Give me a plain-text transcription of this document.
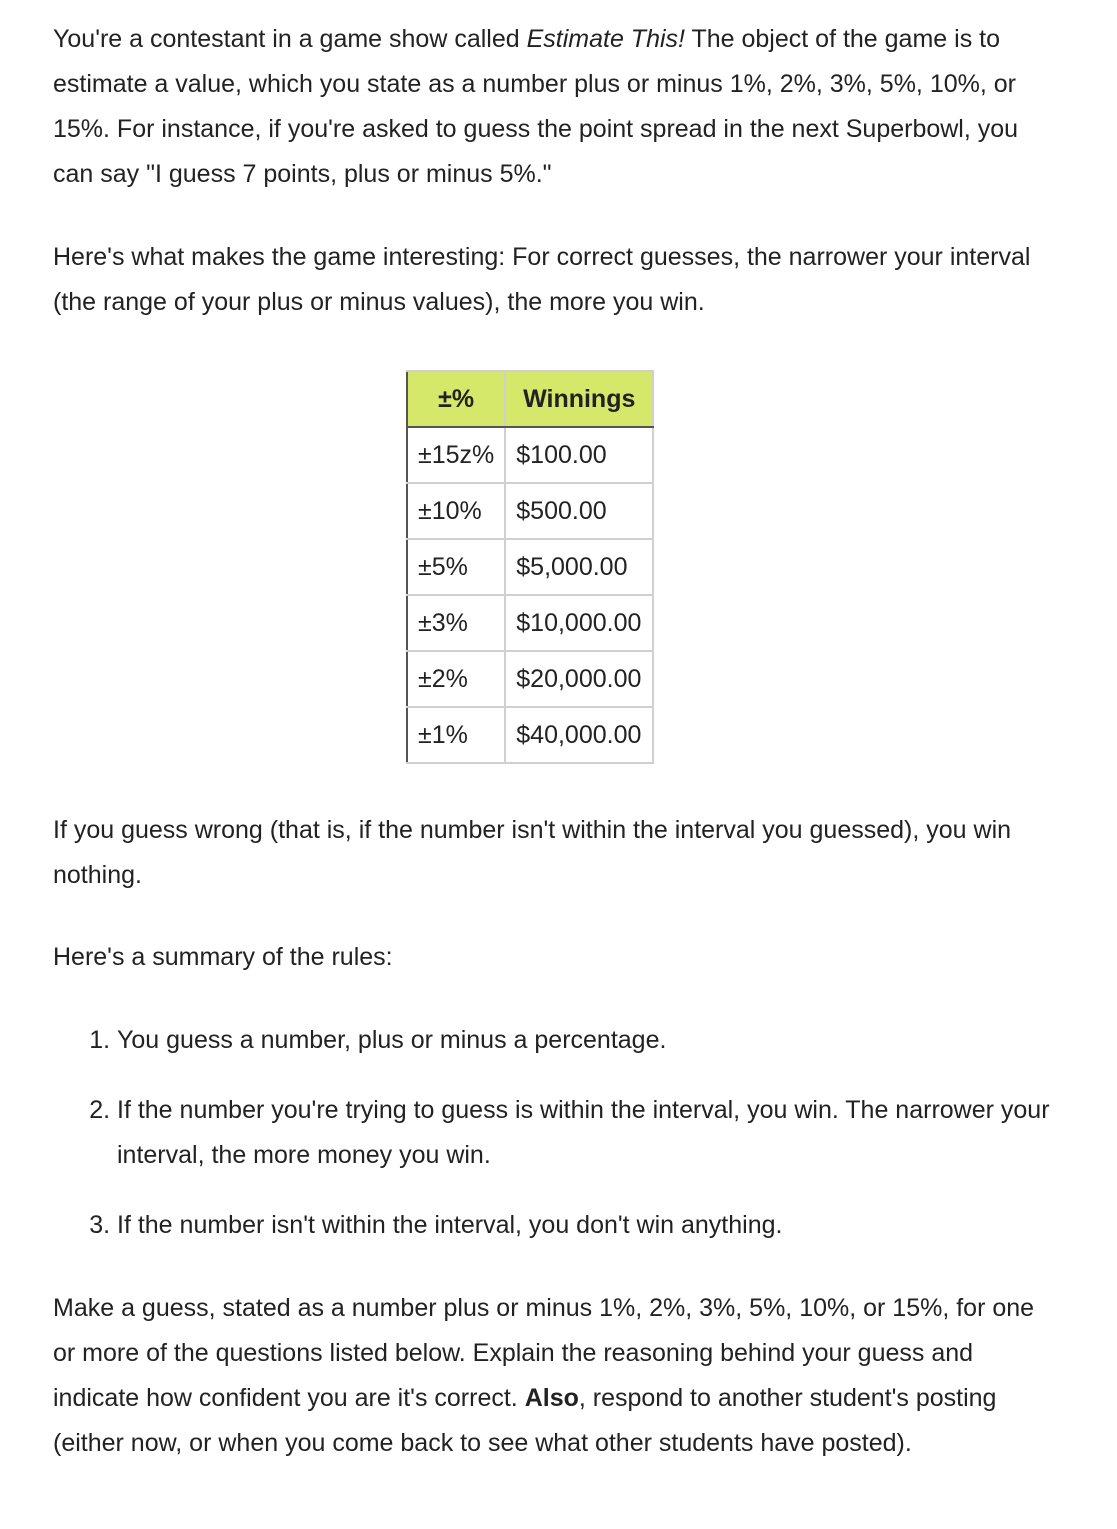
You're a contestant in a game show called Estimate This! The object of the game is to estimate a value, which you state as a number plus or minus 1%, 2%, 3%, 5%, 10%, or 15%. For instance, if you're asked to guess the point spread in the next Superbowl, you can say "I guess 7 points, plus or minus 5%."

Here's what makes the game interesting: For correct guesses, the narrower your interval (the range of your plus or minus values), the more you win.

±%	Winnings
±15z%	$100.00
±10%	$500.00
±5%	$5,000.00
±3%	$10,000.00
±2%	$20,000.00
±1%	$40,000.00

If you guess wrong (that is, if the number isn't within the interval you guessed), you win nothing.

Here's a summary of the rules:

1. You guess a number, plus or minus a percentage.
2. If the number you're trying to guess is within the interval, you win. The narrower your interval, the more money you win.
3. If the number isn't within the interval, you don't win anything.

Make a guess, stated as a number plus or minus 1%, 2%, 3%, 5%, 10%, or 15%, for one or more of the questions listed below. Explain the reasoning behind your guess and indicate how confident you are it's correct. Also, respond to another student's posting (either now, or when you come back to see what other students have posted).
